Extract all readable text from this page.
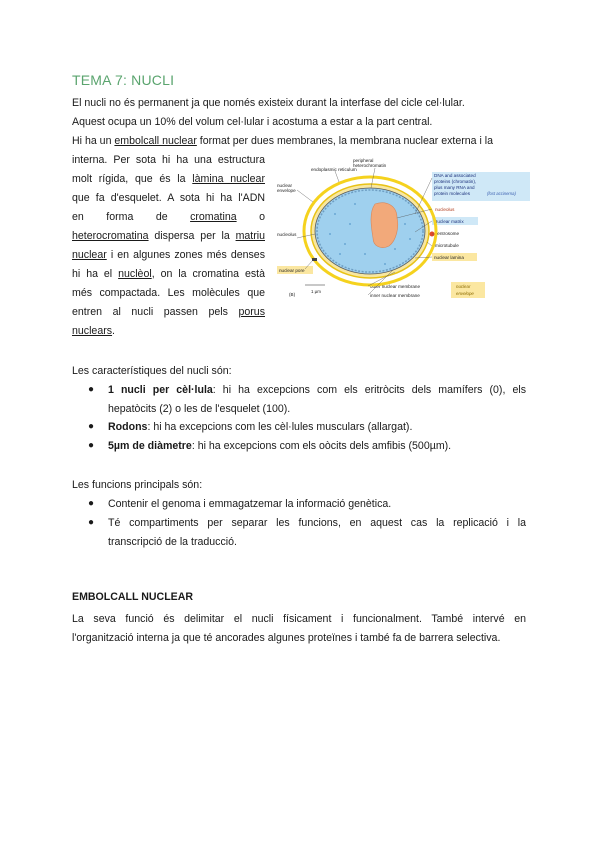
TEMA 7: NUCLI
El nucli no és permanent ja que només existeix durant la interfase del cicle cel·lular.
Aquest ocupa un 10% del volum cel·lular i acostuma a estar a la part central.
Hi ha un embolcall nuclear format per dues membranes, la membrana nuclear externa i la
interna. Per sota hi ha una estructura
molt rígida, que és la làmina nuclear
que fa d'esquelet. A sota hi ha l'ADN
en forma de cromatina o
heterocromatina dispersa per la matriu
nuclear i en algunes zones més denses
hi ha el nuclèol, on la cromatina està
més compactada. Les molècules que
entren al nucli passen pels porus
nuclears.
peripheral
heterochromatin
endoplasmic reticulum
nuclear
envelope
DNA and associated
proteins (chromatin),
plus many RNA and
protein molecules	(fost accinerna)
nucleolus
Nuclear matrix
centrosome
microtubule
nuclear lamina
nucleolus
nuclear pore
(B)
1 µm
outer nuclear membrane
inner nuclear membrane
nuclear
envelope
Les característiques del nucli són:
● 1 nucli per cèl·lula: hi ha excepcions com els eritròcits dels mamífers (0), els
hepatòcits (2) o les de l'esquelet (100).
● Rodons: hi ha excepcions com les cèl·lules musculars (allargat).
● 5µm de diàmetre: hi ha excepcions com els oòcits dels amfibis (500µm).
Les funcions principals són:
● Contenir el genoma i emmagatzemar la informació genètica.
● Té compartiments per separar les funcions, en aquest cas la replicació i la
transcripció de la traducció.
EMBOLCALL NUCLEAR
La seva funció és delimitar el nucli físicament i funcionalment. També intervé en
l'organització interna ja que té ancorades algunes proteïnes i també fa de barrera selectiva.
